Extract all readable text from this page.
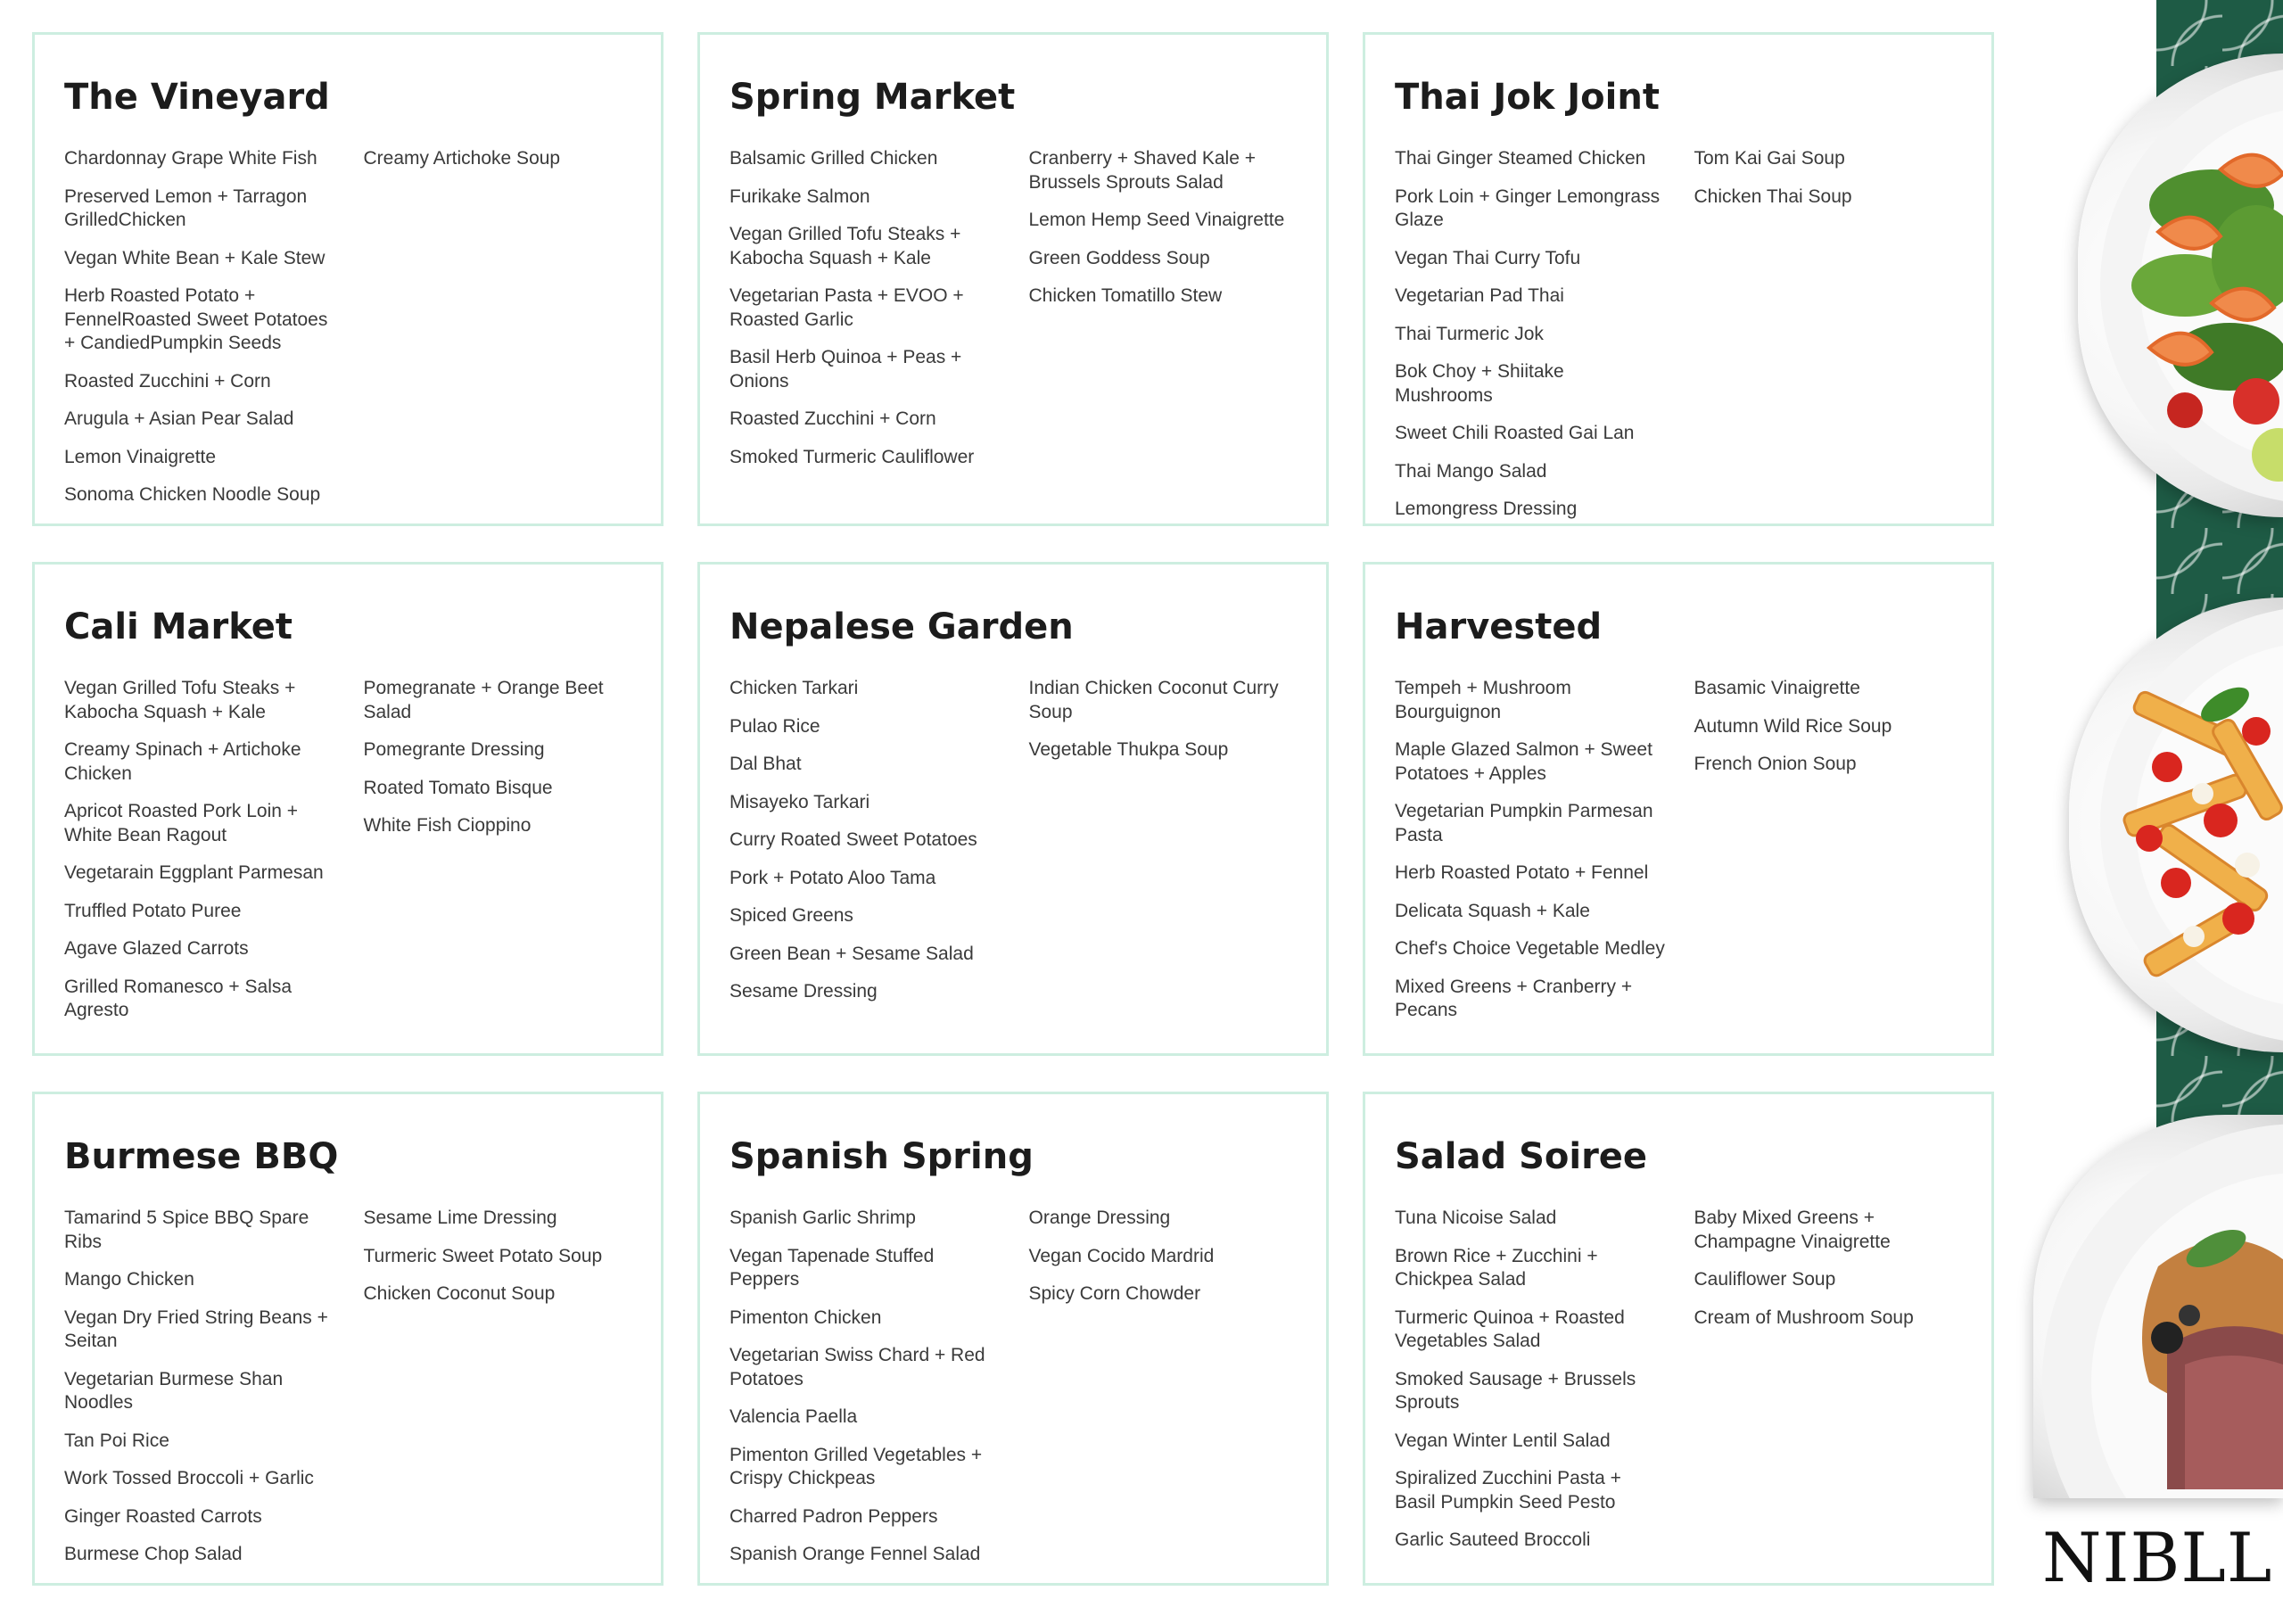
The Vineyard
Chardonnay Grape White Fish
Preserved Lemon + Tarragon GrilledChicken
Vegan White Bean + Kale Stew
Herb Roasted Potato + FennelRoasted Sweet Potatoes + CandiedPumpkin Seeds
Roasted Zucchini + Corn
Arugula + Asian Pear Salad
Lemon Vinaigrette
Sonoma Chicken Noodle Soup
Creamy Artichoke Soup
Spring Market
Balsamic Grilled Chicken
Furikake Salmon
Vegan Grilled Tofu Steaks + Kabocha Squash + Kale
Vegetarian Pasta + EVOO + Roasted Garlic
Basil Herb Quinoa + Peas + Onions
Roasted Zucchini + Corn
Smoked Turmeric Cauliflower
Cranberry + Shaved Kale + Brussels Sprouts Salad
Lemon Hemp Seed Vinaigrette
Green Goddess Soup
Chicken Tomatillo Stew
Thai Jok Joint
Thai Ginger Steamed Chicken
Pork Loin + Ginger Lemongrass Glaze
Vegan Thai Curry Tofu
Vegetarian Pad Thai
Thai Turmeric Jok
Bok Choy + Shiitake Mushrooms
Sweet Chili Roasted Gai Lan
Thai Mango Salad
Lemongress Dressing
Tom Kai Gai Soup
Chicken Thai Soup
Cali Market
Vegan Grilled Tofu Steaks + Kabocha Squash + Kale
Creamy Spinach + Artichoke Chicken
Apricot Roasted Pork Loin + White Bean Ragout
Vegetarain Eggplant Parmesan
Truffled Potato Puree
Agave Glazed Carrots
Grilled Romanesco + Salsa Agresto
Pomegranate + Orange Beet Salad
Pomegrante Dressing
Roated Tomato Bisque
White Fish Cioppino
Nepalese Garden
Chicken Tarkari
Pulao Rice
Dal Bhat
Misayeko Tarkari
Curry Roated Sweet Potatoes
Pork + Potato Aloo Tama
Spiced Greens
Green Bean + Sesame Salad
Sesame Dressing
Indian Chicken Coconut Curry Soup
Vegetable Thukpa Soup
Harvested
Tempeh + Mushroom Bourguignon
Maple Glazed Salmon + Sweet Potatoes + Apples
Vegetarian Pumpkin Parmesan Pasta
Herb Roasted Potato + Fennel
Delicata Squash + Kale
Chef's Choice Vegetable Medley
Mixed Greens + Cranberry + Pecans
Basamic Vinaigrette
Autumn Wild Rice Soup
French Onion Soup
Burmese BBQ
Tamarind 5 Spice BBQ Spare Ribs
Mango Chicken
Vegan Dry Fried String Beans + Seitan
Vegetarian Burmese Shan Noodles
Tan Poi Rice
Work Tossed Broccoli + Garlic
Ginger Roasted Carrots
Burmese Chop Salad
Sesame Lime Dressing
Turmeric Sweet Potato Soup
Chicken Coconut Soup
Spanish Spring
Spanish Garlic Shrimp
Vegan Tapenade Stuffed Peppers
Pimenton Chicken
Vegetarian Swiss Chard + Red Potatoes
Valencia Paella
Pimenton Grilled Vegetables + Crispy Chickpeas
Charred Padron Peppers
Spanish Orange Fennel Salad
Orange Dressing
Vegan Cocido Mardrid
Spicy Corn Chowder
Salad Soiree
Tuna Nicoise Salad
Brown Rice + Zucchini + Chickpea Salad
Turmeric Quinoa + Roasted Vegetables Salad
Smoked Sausage + Brussels Sprouts
Vegan Winter Lentil Salad
Spiralized Zucchini Pasta + Basil Pumpkin Seed Pesto
Garlic Sauteed Broccoli
Baby Mixed Greens + Champagne Vinaigrette
Cauliflower Soup
Cream of Mushroom Soup
NIBLL
